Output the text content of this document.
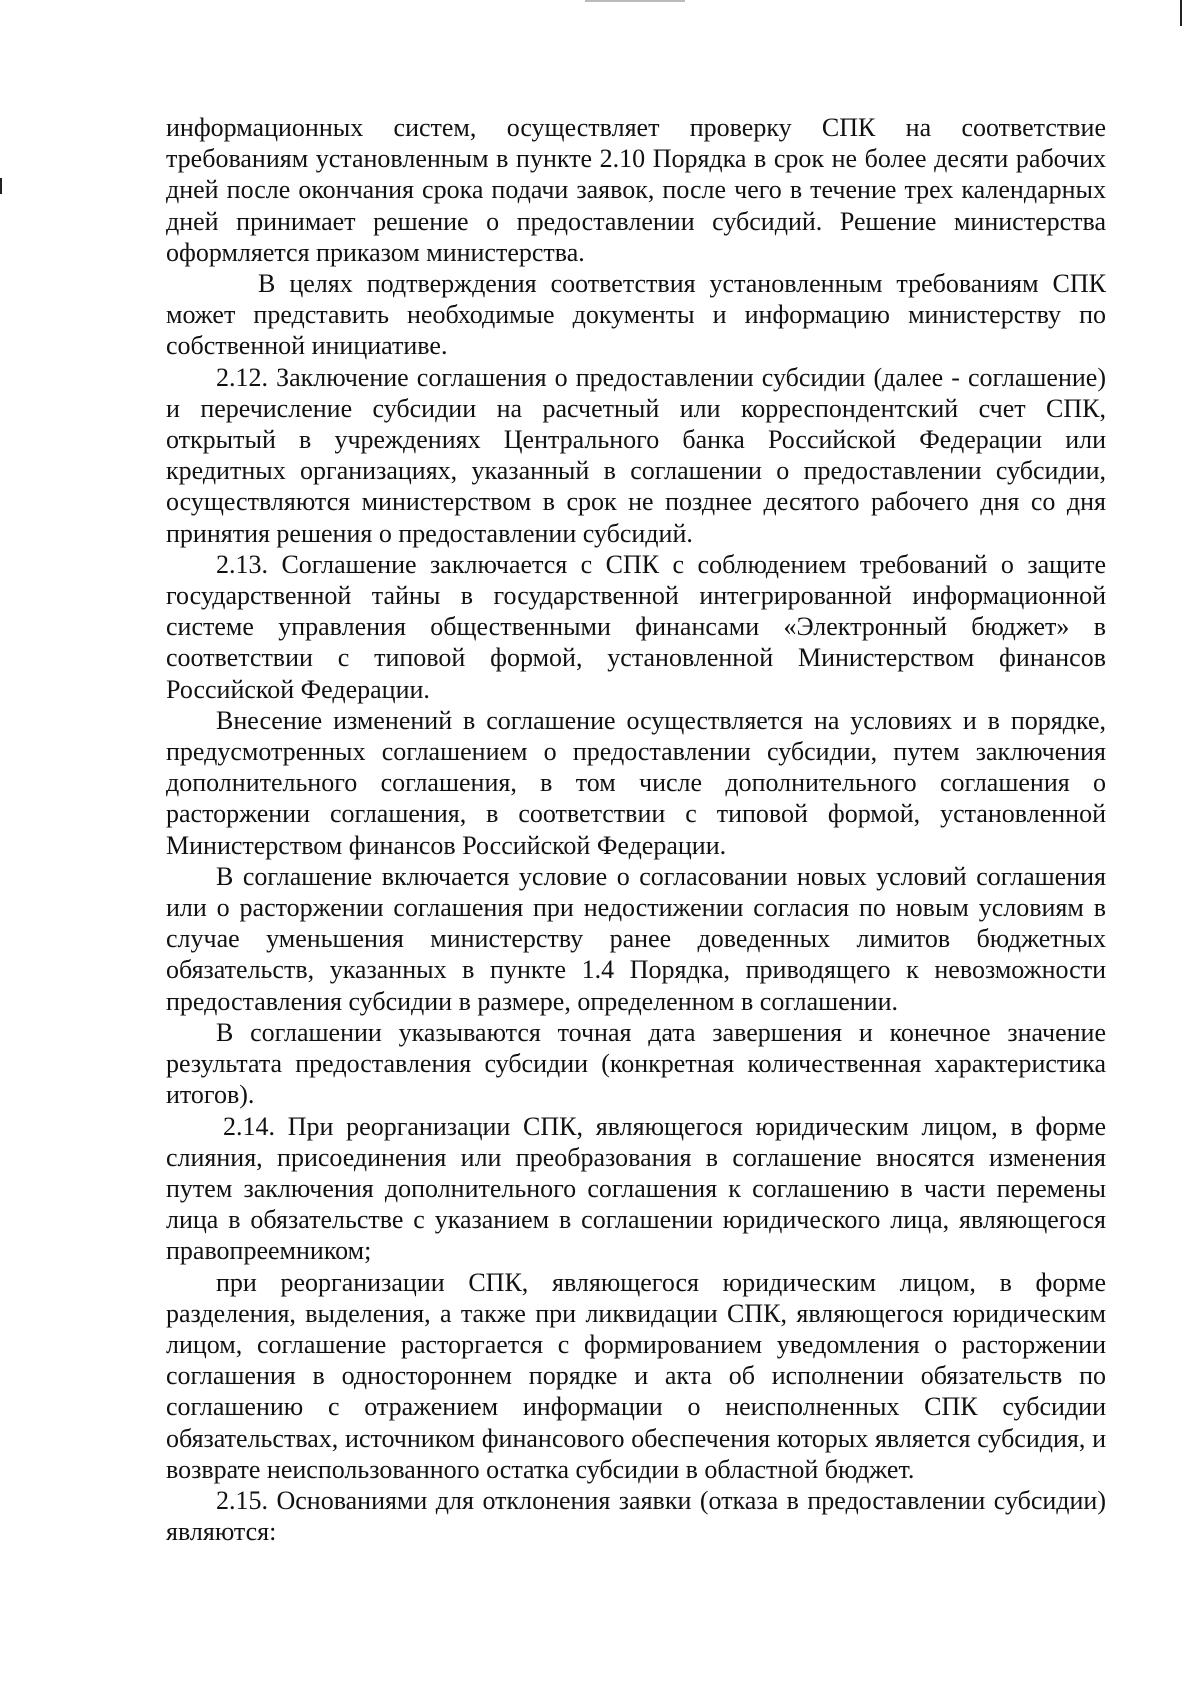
информационных систем, осуществляет проверку СПК на соответствие требованиям установленным в пункте 2.10 Порядка в срок не более десяти рабочих дней после окончания срока подачи заявок, после чего в течение трех календарных дней принимает решение о предоставлении субсидий. Решение министерства оформляется приказом министерства.

В целях подтверждения соответствия установленным требованиям СПК может представить необходимые документы и информацию министерству по собственной инициативе.

2.12. Заключение соглашения о предоставлении субсидии (далее - соглашение) и перечисление субсидии на расчетный или корреспондентский счет СПК, открытый в учреждениях Центрального банка Российской Федерации или кредитных организациях, указанный в соглашении о предоставлении субсидии, осуществляются министерством в срок не позднее десятого рабочего дня со дня принятия решения о предоставлении субсидий.

2.13. Соглашение заключается с СПК с соблюдением требований о защите государственной тайны в государственной интегрированной информационной системе управления общественными финансами «Электронный бюджет» в соответствии с типовой формой, установленной Министерством финансов Российской Федерации.

Внесение изменений в соглашение осуществляется на условиях и в порядке, предусмотренных соглашением о предоставлении субсидии, путем заключения дополнительного соглашения, в том числе дополнительного соглашения о расторжении соглашения, в соответствии с типовой формой, установленной Министерством финансов Российской Федерации.

В соглашение включается условие о согласовании новых условий соглашения или о расторжении соглашения при недостижении согласия по новым условиям в случае уменьшения министерству ранее доведенных лимитов бюджетных обязательств, указанных в пункте 1.4 Порядка, приводящего к невозможности предоставления субсидии в размере, определенном в соглашении.

В соглашении указываются точная дата завершения и конечное значение результата предоставления субсидии (конкретная количественная характеристика итогов).

2.14. При реорганизации СПК, являющегося юридическим лицом, в форме слияния, присоединения или преобразования в соглашение вносятся изменения путем заключения дополнительного соглашения к соглашению в части перемены лица в обязательстве с указанием в соглашении юридического лица, являющегося правопреемником;

при реорганизации СПК, являющегося юридическим лицом, в форме разделения, выделения, а также при ликвидации СПК, являющегося юридическим лицом, соглашение расторгается с формированием уведомления о расторжении соглашения в одностороннем порядке и акта об исполнении обязательств по соглашению с отражением информации о неисполненных СПК субсидии обязательствах, источником финансового обеспечения которых является субсидия, и возврате неиспользованного остатка субсидии в областной бюджет.

2.15. Основаниями для отклонения заявки (отказа в предоставлении субсидии) являются:
